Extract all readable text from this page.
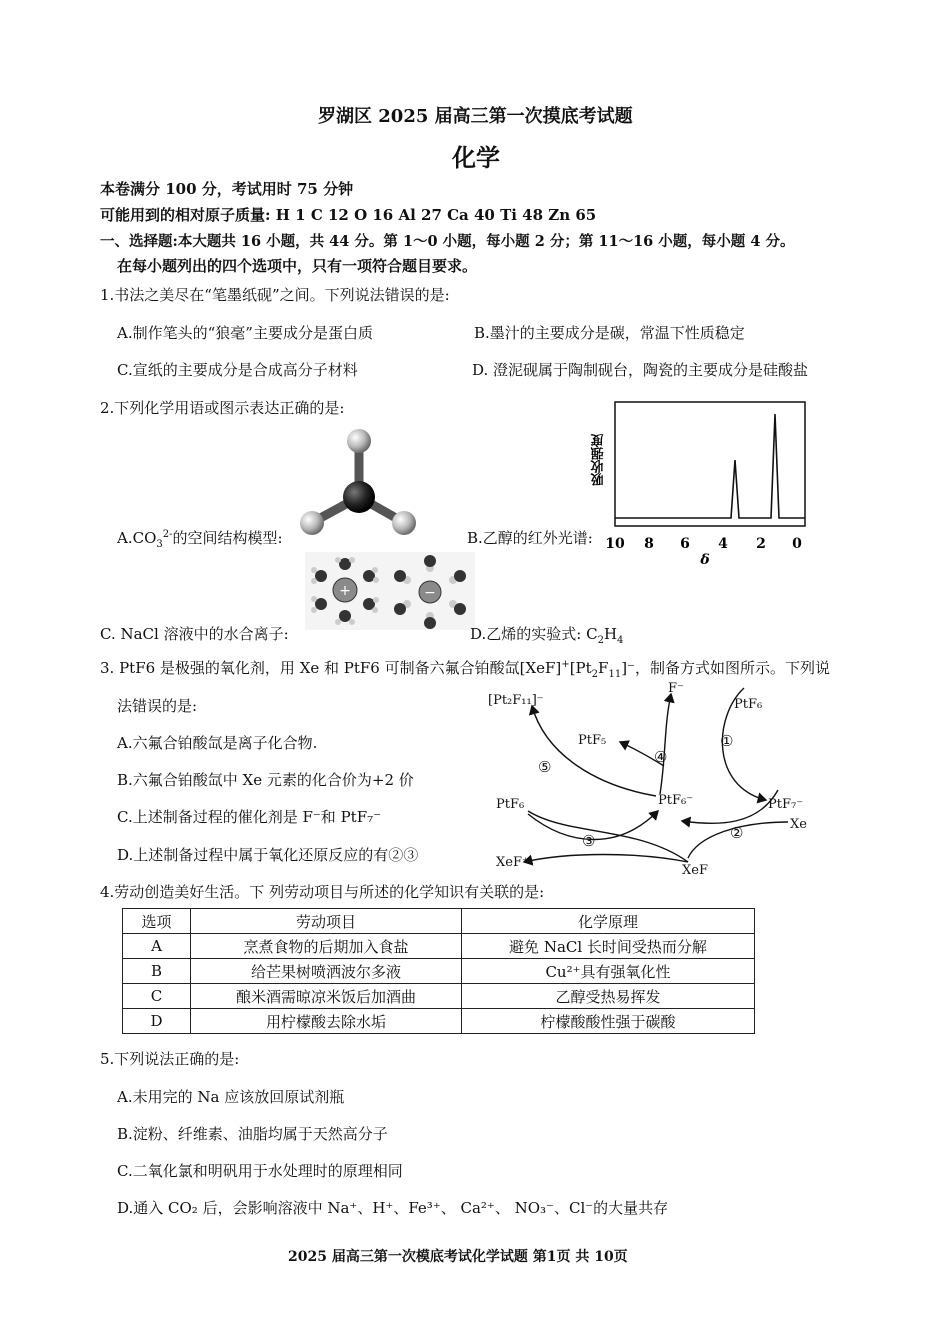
罗湖区 2025 届高三第一次摸底考试题
化学
本卷满分 100 分，考试用时 75 分钟
可能用到的相对原子质量: H 1 C 12 O 16 Al 27 Ca 40 Ti 48 Zn 65
一、选择题:本大题共 16 小题，共 44 分。第 1～0 小题，每小题 2 分；第 11～16 小题，每小题 4 分。
在每小题列出的四个选项中，只有一项符合题目要求。
1.书法之美尽在“笔墨纸砚”之间。下列说法错误的是:
A.制作笔头的“狼毫”主要成分是蛋白质	B.墨汁的主要成分是碳，常温下性质稳定
C.宣纸的主要成分是合成高分子材料	D. 澄泥砚属于陶制砚台，陶瓷的主要成分是硅酸盐
2.下列化学用语或图示表达正确的是:
$A.CO_3^{2-}$的空间结构模型:	B.乙醇的红外光谱:
吸收强度
10 8 6 4 2 0
δ
+	−
C. NaCl 溶液中的水合离子:	D.乙烯的实验式: $C_2H_4$
3. PtF6 是极强的氧化剂，用 Xe 和 PtF6 可制备六氟合铂酸氙$[XeF]^+[Pt_2F_{11}]^-$，制备方式如图所示。下列说
法错误的是:
A.六氟合铂酸氙是离子化合物.
B.六氟合铂酸氙中 Xe 元素的化合价为+2 价
C.上述制备过程的催化剂是 F⁻和 PtF₇⁻
D.上述制备过程中属于氧化还原反应的有②③
[Pt₂F₁₁]⁻
F⁻
PtF₆
PtF₅
PtF₇⁻
PtF₆⁻
PtF₆
Xe
XeF⁺
XeF
①
②
③
④
⑤
4.劳动创造美好生活。下 列劳动项目与所述的化学知识有关联的是:
选项	劳动项目	化学原理
A	烹煮食物的后期加入食盐	避免 NaCl 长时间受热而分解
B	给芒果树喷洒波尔多液	Cu²⁺具有强氧化性
C	酿米酒需晾凉米饭后加酒曲	乙醇受热易挥发
D	用柠檬酸去除水垢	柠檬酸酸性强于碳酸
5.下列说法正确的是:
A.未用完的 Na 应该放回原试剂瓶
B.淀粉、纤维素、油脂均属于天然高分子
C.二氧化氯和明矾用于水处理时的原理相同
D.通入 CO₂ 后，会影响溶液中 Na⁺、H⁺、Fe³⁺、 Ca²⁺、 NO₃⁻、Cl⁻的大量共存
2025 届高三第一次模底考试化学试题 第1页 共 10页
